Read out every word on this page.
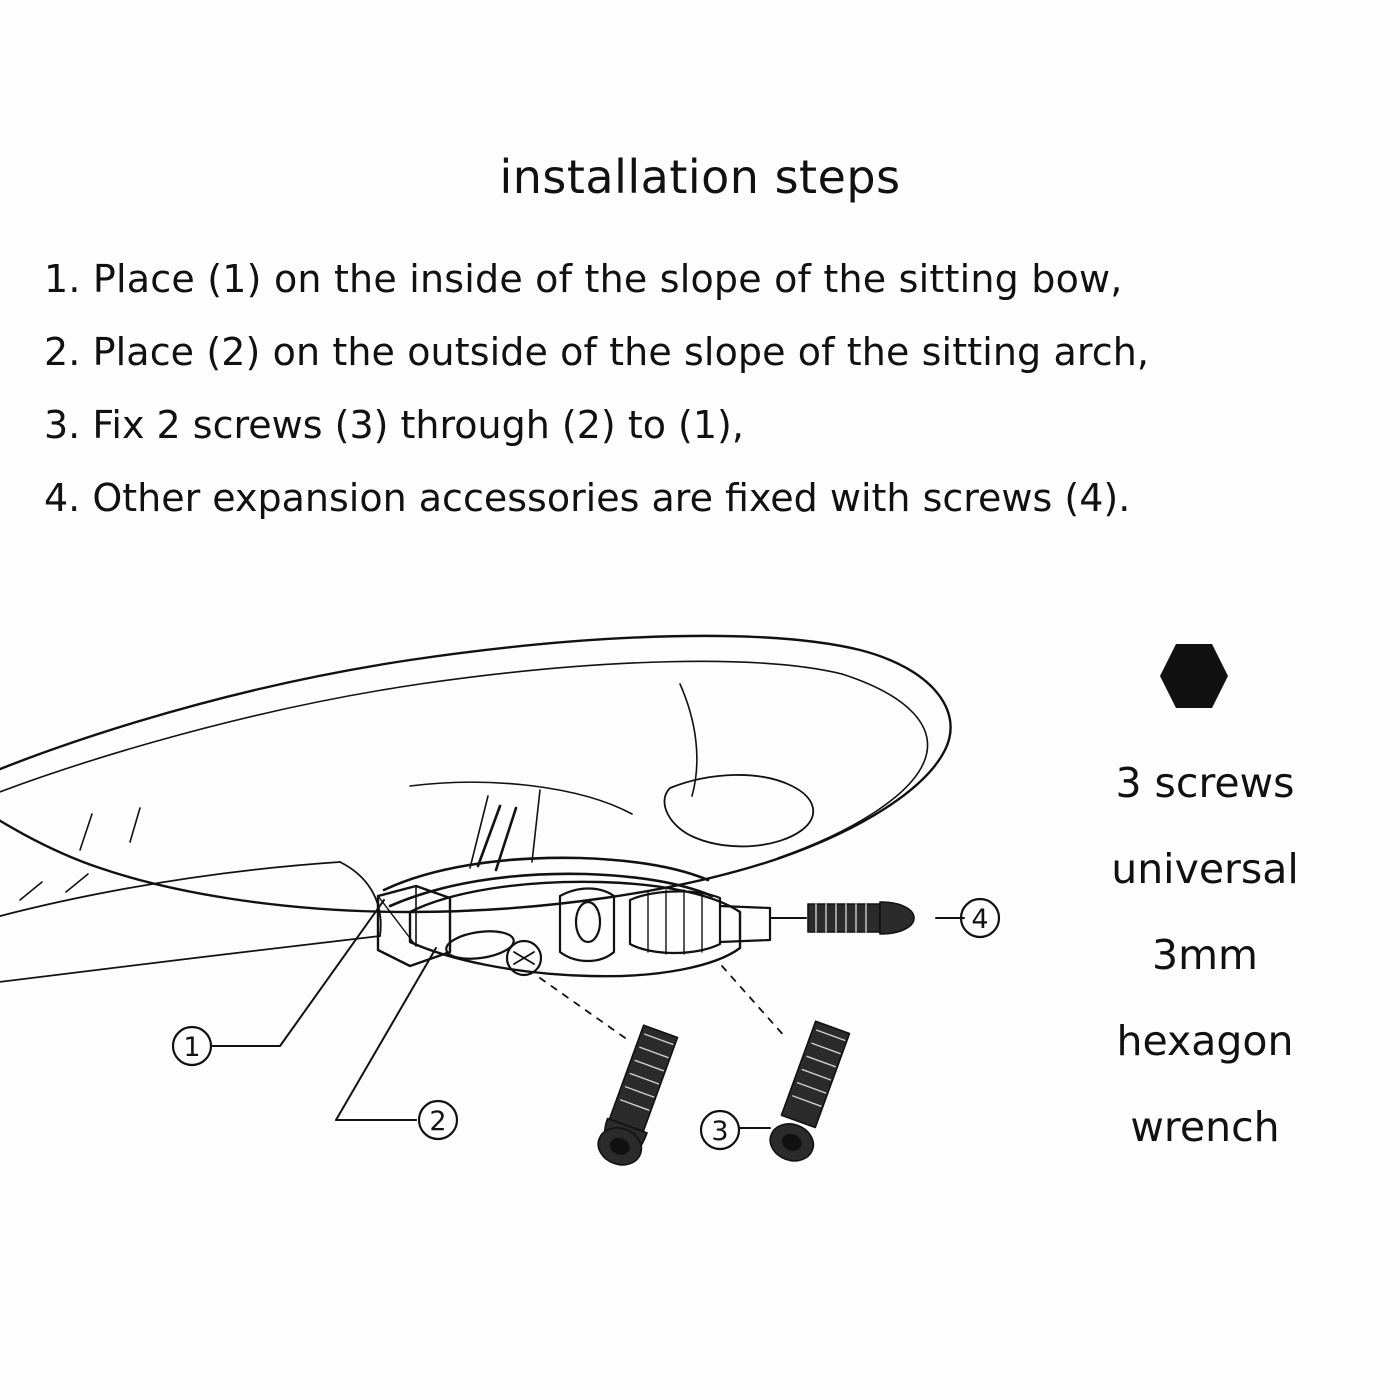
installation steps
1. Place (1) on the inside of the slope of the sitting bow,
2. Place (2) on the outside of the slope of the sitting arch,
3. Fix 2 screws (3) through (2) to (1),
4. Other expansion accessories are fixed with screws (4).
3 screws
universal
3mm
hexagon
wrench
1
2	3
4
